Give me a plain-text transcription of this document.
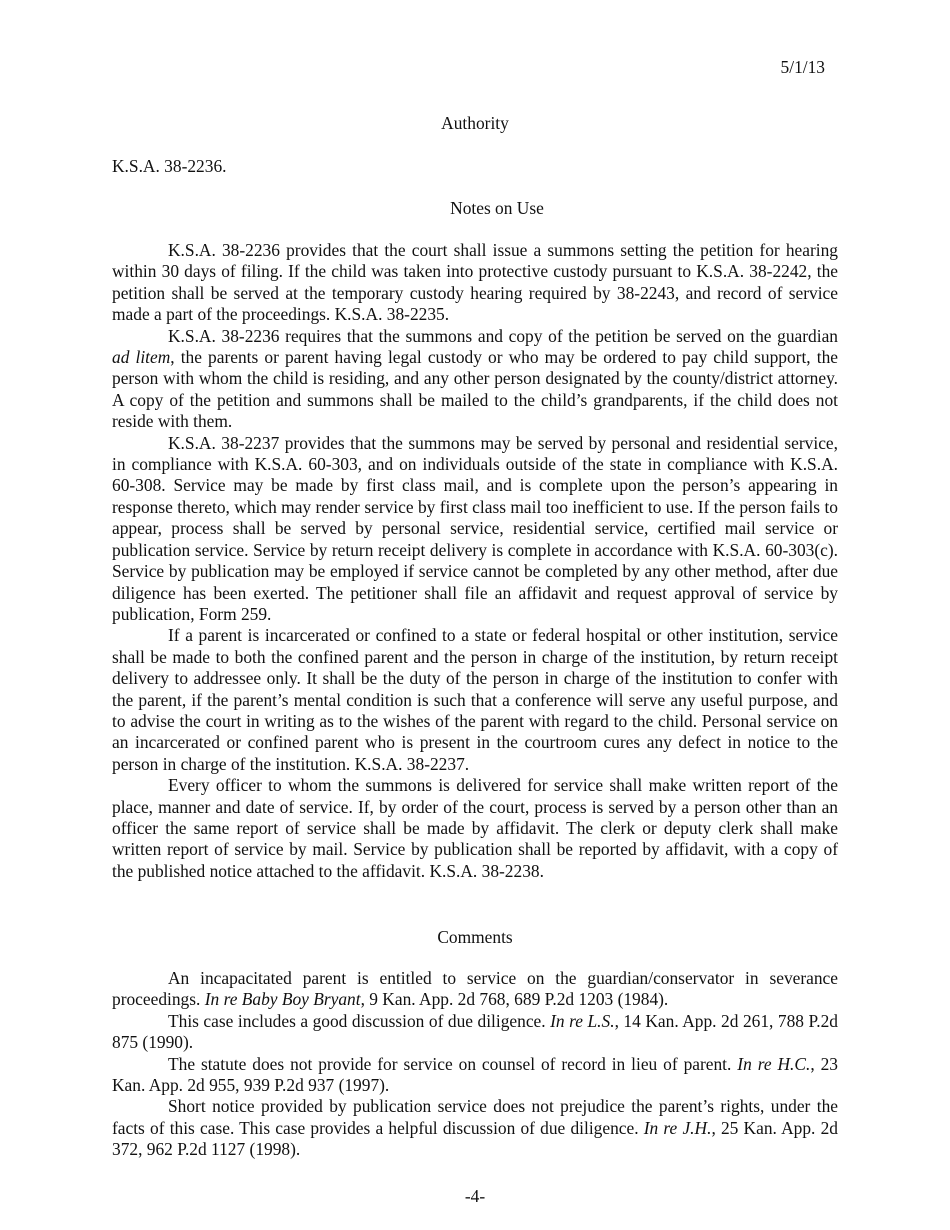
5/1/13
Authority
K.S.A. 38-2236.
Notes on Use

K.S.A. 38-2236 provides that the court shall issue a summons setting the petition for hearing within 30 days of filing. If the child was taken into protective custody pursuant to K.S.A. 38-2242, the petition shall be served at the temporary custody hearing required by 38-2243, and record of service made a part of the proceedings. K.S.A. 38-2235.

K.S.A. 38-2236 requires that the summons and copy of the petition be served on the guardian ad litem, the parents or parent having legal custody or who may be ordered to pay child support, the person with whom the child is residing, and any other person designated by the county/district attorney. A copy of the petition and summons shall be mailed to the child’s grandparents, if the child does not reside with them.

K.S.A. 38-2237 provides that the summons may be served by personal and residential service, in compliance with K.S.A. 60-303, and on individuals outside of the state in compliance with K.S.A. 60-308. Service may be made by first class mail, and is complete upon the person’s appearing in response thereto, which may render service by first class mail too inefficient to use. If the person fails to appear, process shall be served by personal service, residential service, certified mail service or publication service. Service by return receipt delivery is complete in accordance with K.S.A. 60-303(c). Service by publication may be employed if service cannot be completed by any other method, after due diligence has been exerted. The petitioner shall file an affidavit and request approval of service by publication, Form 259.

If a parent is incarcerated or confined to a state or federal hospital or other institution, service shall be made to both the confined parent and the person in charge of the institution, by return receipt delivery to addressee only. It shall be the duty of the person in charge of the institution to confer with the parent, if the parent’s mental condition is such that a conference will serve any useful purpose, and to advise the court in writing as to the wishes of the parent with regard to the child. Personal service on an incarcerated or confined parent who is present in the courtroom cures any defect in notice to the person in charge of the institution. K.S.A. 38-2237.

Every officer to whom the summons is delivered for service shall make written report of the place, manner and date of service. If, by order of the court, process is served by a person other than an officer the same report of service shall be made by affidavit. The clerk or deputy clerk shall make written report of service by mail. Service by publication shall be reported by affidavit, with a copy of the published notice attached to the affidavit. K.S.A. 38-2238.

Comments

An incapacitated parent is entitled to service on the guardian/conservator in severance proceedings. In re Baby Boy Bryant, 9 Kan. App. 2d 768, 689 P.2d 1203 (1984).

This case includes a good discussion of due diligence. In re L.S., 14 Kan. App. 2d 261, 788 P.2d 875 (1990).

The statute does not provide for service on counsel of record in lieu of parent. In re H.C., 23 Kan. App. 2d 955, 939 P.2d 937 (1997).

Short notice provided by publication service does not prejudice the parent’s rights, under the facts of this case. This case provides a helpful discussion of due diligence. In re J.H., 25 Kan. App. 2d 372, 962 P.2d 1127 (1998).

-4-
